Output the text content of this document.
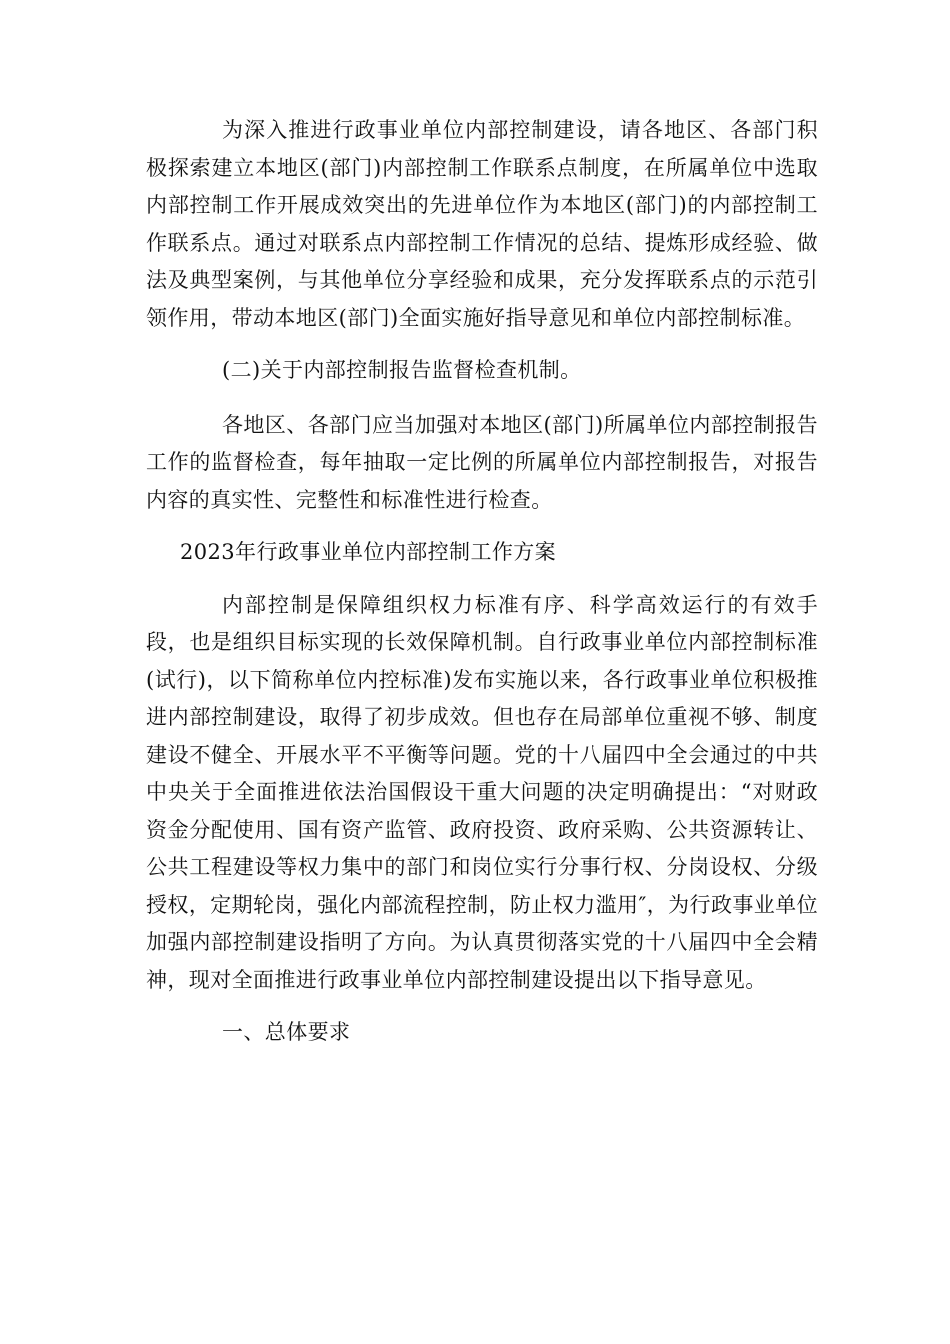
为深入推进行政事业单位内部控制建设，请各地区、各部门积极探索建立本地区(部门)内部控制工作联系点制度，在所属单位中选取内部控制工作开展成效突出的先进单位作为本地区(部门)的内部控制工作联系点。通过对联系点内部控制工作情况的总结、提炼形成经验、做法及典型案例，与其他单位分享经验和成果，充分发挥联系点的示范引领作用，带动本地区(部门)全面实施好指导意见和单位内部控制标准。

(二)关于内部控制报告监督检查机制。

各地区、各部门应当加强对本地区(部门)所属单位内部控制报告工作的监督检查，每年抽取一定比例的所属单位内部控制报告，对报告内容的真实性、完整性和标准性进行检查。

2023年行政事业单位内部控制工作方案

内部控制是保障组织权力标准有序、科学高效运行的有效手段，也是组织目标实现的长效保障机制。自行政事业单位内部控制标准(试行)，以下简称单位内控标准)发布实施以来，各行政事业单位积极推进内部控制建设，取得了初步成效。但也存在局部单位重视不够、制度建设不健全、开展水平不平衡等问题。党的十八届四中全会通过的中共中央关于全面推进依法治国假设干重大问题的决定明确提出：“对财政资金分配使用、国有资产监管、政府投资、政府采购、公共资源转让、公共工程建设等权力集中的部门和岗位实行分事行权、分岗设权、分级授权，定期轮岗，强化内部流程控制，防止权力滥用″，为行政事业单位加强内部控制建设指明了方向。为认真贯彻落实党的十八届四中全会精神，现对全面推进行政事业单位内部控制建设提出以下指导意见。

一、总体要求
